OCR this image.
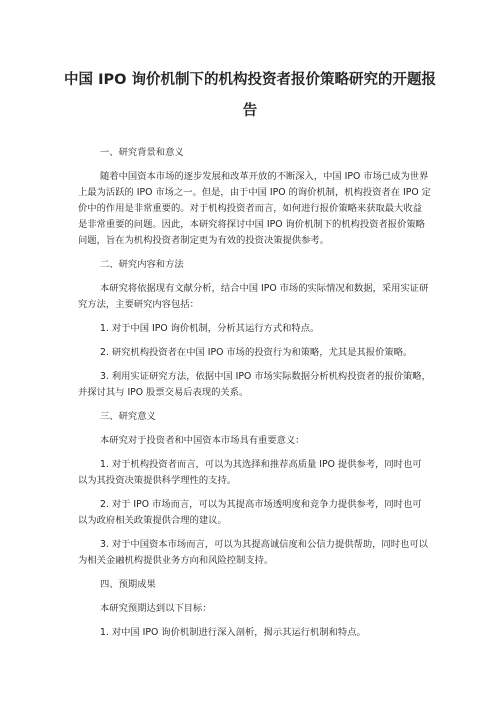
中国 IPO 询价机制下的机构投资者报价策略研究的开题报
告

一、研究背景和意义

随着中国资本市场的逐步发展和改革开放的不断深入，中国 IPO 市场已成为世界

上最为活跃的 IPO 市场之一。但是，由于中国 IPO 的询价机制，机构投资者在 IPO 定

价中的作用是非常重要的。对于机构投资者而言，如何进行报价策略来获取最大收益

是非常重要的问题。因此，本研究将探讨中国 IPO 询价机制下的机构投资者报价策略

问题，旨在为机构投资者制定更为有效的投资决策提供参考。

二、研究内容和方法

本研究将依据现有文献分析，结合中国 IPO 市场的实际情况和数据，采用实证研

究方法，主要研究内容包括：

1. 对于中国 IPO 询价机制，分析其运行方式和特点。

2. 研究机构投资者在中国 IPO 市场的投资行为和策略，尤其是其报价策略。

3. 利用实证研究方法，依据中国 IPO 市场实际数据分析机构投资者的报价策略，

并探讨其与 IPO 股票交易后表现的关系。

三、研究意义

本研究对于投资者和中国资本市场具有重要意义：

1. 对于机构投资者而言，可以为其选择和推荐高质量 IPO 提供参考，同时也可

以为其投资决策提供科学理性的支持。

2. 对于 IPO 市场而言，可以为其提高市场透明度和竞争力提供参考，同时也可

以为政府相关政策提供合理的建议。

3. 对于中国资本市场而言，可以为其提高诚信度和公信力提供帮助，同时也可以

为相关金融机构提供业务方向和风险控制支持。

四、预期成果

本研究预期达到以下目标：

1. 对中国 IPO 询价机制进行深入剖析，揭示其运行机制和特点。
